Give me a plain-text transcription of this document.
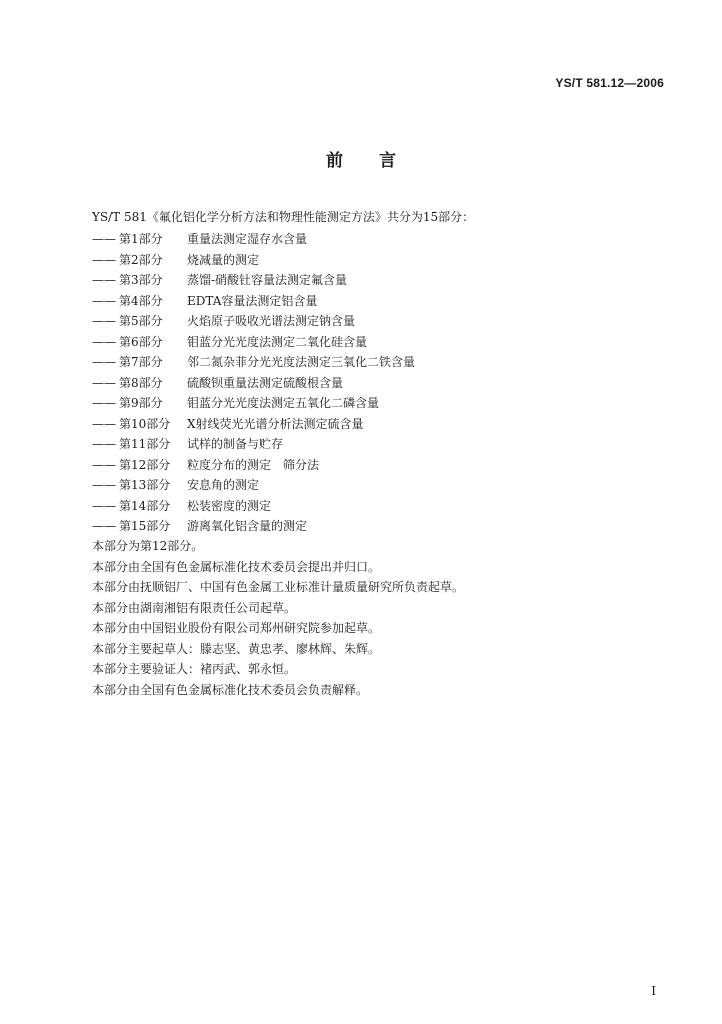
YS/T 581.12—2006
前言
YS/T 581《氟化铝化学分析方法和物理性能测定方法》共分为15部分：
—— 第1部分 重量法测定湿存水含量
—— 第2部分 烧减量的测定
—— 第3部分 蒸馏-硝酸钍容量法测定氟含量
—— 第4部分 EDTA容量法测定铝含量
—— 第5部分 火焰原子吸收光谱法测定钠含量
—— 第6部分 钼蓝分光光度法测定二氧化硅含量
—— 第7部分 邻二氮杂菲分光光度法测定三氧化二铁含量
—— 第8部分 硫酸钡重量法测定硫酸根含量
—— 第9部分 钼蓝分光光度法测定五氧化二磷含量
—— 第10部分 X射线荧光光谱分析法测定硫含量
—— 第11部分 试样的制备与贮存
—— 第12部分 粒度分布的测定　筛分法
—— 第13部分 安息角的测定
—— 第14部分 松装密度的测定
—— 第15部分 游离氧化铝含量的测定
本部分为第12部分。
本部分由全国有色金属标准化技术委员会提出并归口。
本部分由抚顺铝厂、中国有色金属工业标准计量质量研究所负责起草。
本部分由湖南湘铝有限责任公司起草。
本部分由中国铝业股份有限公司郑州研究院参加起草。
本部分主要起草人：滕志坚、黄忠孝、廖林辉、朱辉。
本部分主要验证人：褚丙武、郭永恒。
本部分由全国有色金属标准化技术委员会负责解释。
I
